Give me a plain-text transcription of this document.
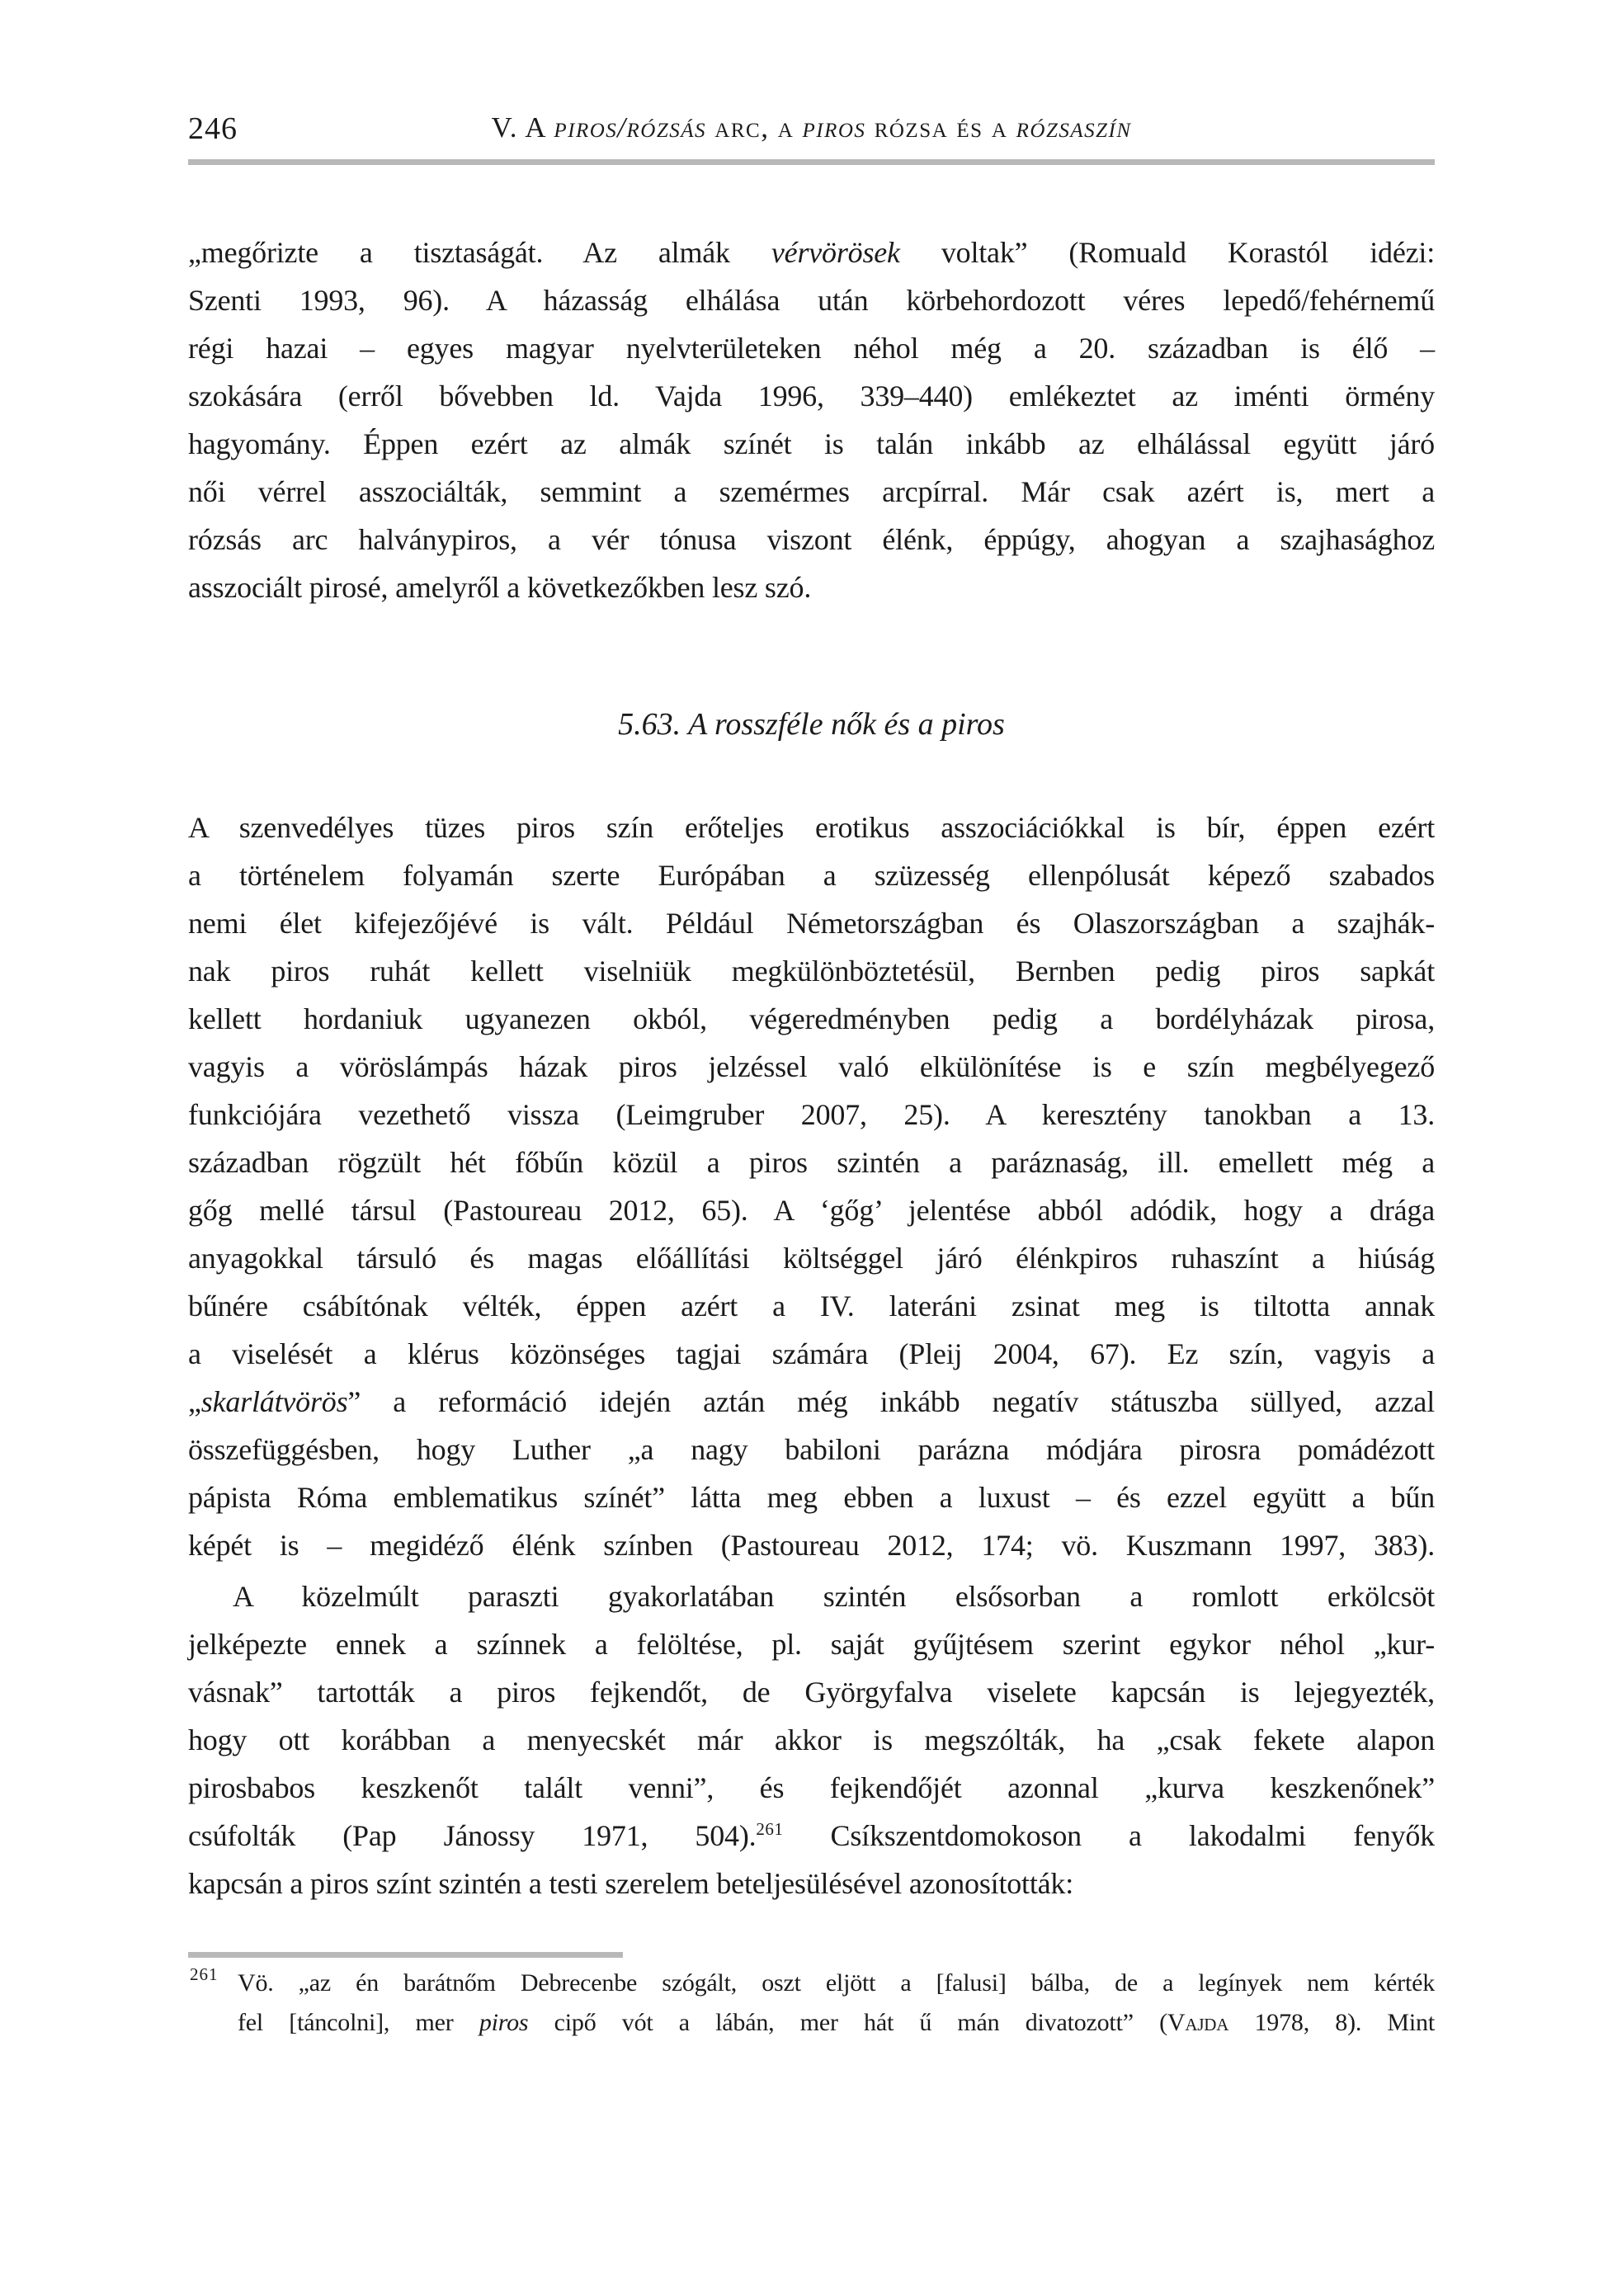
246	V. A piros/rózsás arc, a piros rózsa és a rózsaszín
„megőrizte a tisztaságát. Az almák vérvörösek voltak” (Romuald Korastól idézi:
Szenti 1993, 96). A házasság elhálása után körbehordozott véres lepedő/fehérnemű
régi hazai – egyes magyar nyelvterületeken néhol még a 20. században is élő –
szokására (erről bővebben ld. Vajda 1996, 339–440) emlékeztet az iménti örmény
hagyomány. Éppen ezért az almák színét is talán inkább az elhálással együtt járó
női vérrel asszociálták, semmint a szemérmes arcpírral. Már csak azért is, mert a
rózsás arc halványpiros, a vér tónusa viszont élénk, éppúgy, ahogyan a szajhasághoz
asszociált pirosé, amelyről a következőkben lesz szó.
5.63. A rosszféle nők és a piros
A szenvedélyes tüzes piros szín erőteljes erotikus asszociációkkal is bír, éppen ezért
a történelem folyamán szerte Európában a szüzesség ellenpólusát képező szabados
nemi élet kifejezőjévé is vált. Például Németországban és Olaszországban a szajhák-
nak piros ruhát kellett viselniük megkülönböztetésül, Bernben pedig piros sapkát
kellett hordaniuk ugyanezen okból, végeredményben pedig a bordélyházak pirosa,
vagyis a vöröslámpás házak piros jelzéssel való elkülönítése is e szín megbélyegező
funkciójára vezethető vissza (Leimgruber 2007, 25). A keresztény tanokban a 13.
században rögzült hét főbűn közül a piros szintén a paráznaság, ill. emellett még a
gőg mellé társul (Pastoureau 2012, 65). A ‘gőg’ jelentése abból adódik, hogy a drága
anyagokkal társuló és magas előállítási költséggel járó élénkpiros ruhaszínt a hiúság
bűnére csábítónak vélték, éppen azért a IV. lateráni zsinat meg is tiltotta annak
a viselését a klérus közönséges tagjai számára (Pleij 2004, 67). Ez szín, vagyis a
„skarlátvörös” a reformáció idején aztán még inkább negatív státuszba süllyed, azzal
összefüggésben, hogy Luther „a nagy babiloni parázna módjára pirosra pomádézott
pápista Róma emblematikus színét” látta meg ebben a luxust – és ezzel együtt a bűn
képét is – megidéző élénk színben (Pastoureau 2012, 174; vö. Kuszmann 1997, 383).
A közelmúlt paraszti gyakorlatában szintén elsősorban a romlott erkölcsöt
jelképezte ennek a színnek a felöltése, pl. saját gyűjtésem szerint egykor néhol „kur-
vásnak” tartották a piros fejkendőt, de Györgyfalva viselete kapcsán is lejegyezték,
hogy ott korábban a menyecskét már akkor is megszólták, ha „csak fekete alapon
pirosbabos keszkenőt talált venni”, és fejkendőjét azonnal „kurva keszkenőnek”
csúfolták (Pap Jánossy 1971, 504).$^{261}$ Csíkszentdomokoson a lakodalmi fenyők
kapcsán a piros színt szintén a testi szerelem beteljesülésével azonosították:
261 Vö. „az én barátnőm Debrecenbe szógált, oszt eljött a [falusi] bálba, de a legínyek nem kérték
fel [táncolni], mer piros cipő vót a lábán, mer hát ű mán divatozott” (Vajda 1978, 8). Mint
